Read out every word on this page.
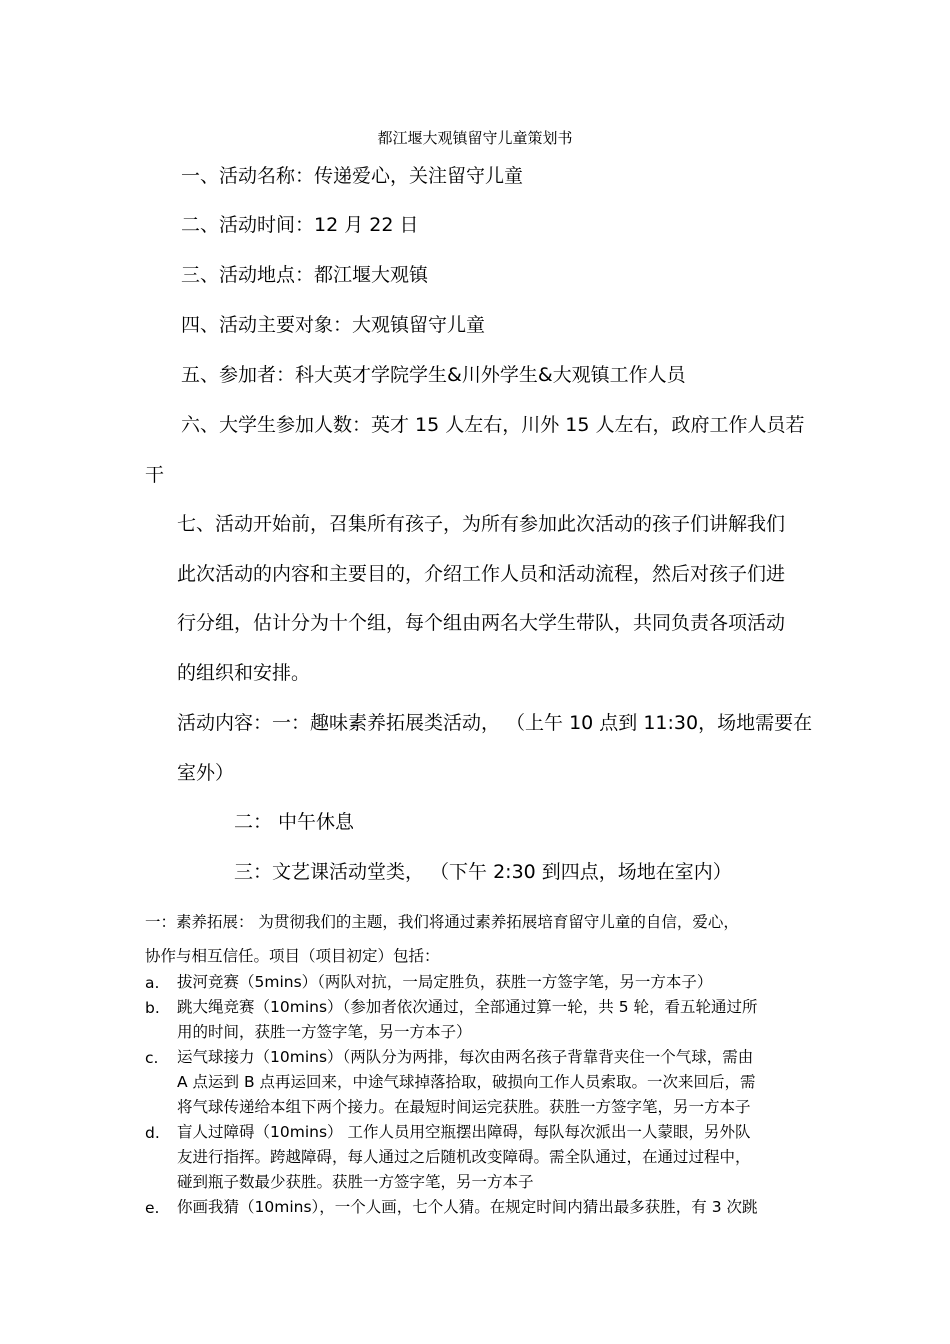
都江堰大观镇留守儿童策划书
一、活动名称：传递爱心，关注留守儿童
二、活动时间：12 月 22 日
三、活动地点：都江堰大观镇
四、活动主要对象：大观镇留守儿童
五、参加者：科大英才学院学生&川外学生&大观镇工作人员
六、大学生参加人数：英才 15 人左右，川外 15 人左右，政府工作人员若
干
七、活动开始前，召集所有孩子，为所有参加此次活动的孩子们讲解我们
此次活动的内容和主要目的，介绍工作人员和活动流程，然后对孩子们进
行分组，估计分为十个组，每个组由两名大学生带队，共同负责各项活动
的组织和安排。
活动内容：一：趣味素养拓展类活动， （上午 10 点到 11:30，场地需要在
室外）
二： 中午休息
三：文艺课活动堂类， （下午 2:30 到四点，场地在室内）
一：素养拓展： 为贯彻我们的主题，我们将通过素养拓展培育留守儿童的自信，爱心，
协作与相互信任。项目（项目初定）包括：
a. 拔河竞赛（5mins）（两队对抗，一局定胜负，获胜一方签字笔，另一方本子）
b. 跳大绳竞赛（10mins）（参加者依次通过，全部通过算一轮，共 5 轮，看五轮通过所
用的时间，获胜一方签字笔，另一方本子）
c. 运气球接力（10mins）（两队分为两排，每次由两名孩子背靠背夹住一个气球，需由
A 点运到 B 点再运回来，中途气球掉落拾取，破损向工作人员索取。一次来回后，需
将气球传递给本组下两个接力。在最短时间运完获胜。获胜一方签字笔，另一方本子
d. 盲人过障碍（10mins） 工作人员用空瓶摆出障碍，每队每次派出一人蒙眼，另外队
友进行指挥。跨越障碍，每人通过之后随机改变障碍。需全队通过，在通过过程中，
碰到瓶子数最少获胜。获胜一方签字笔，另一方本子
e. 你画我猜（10mins），一个人画，七个人猜。在规定时间内猜出最多获胜，有 3 次跳
